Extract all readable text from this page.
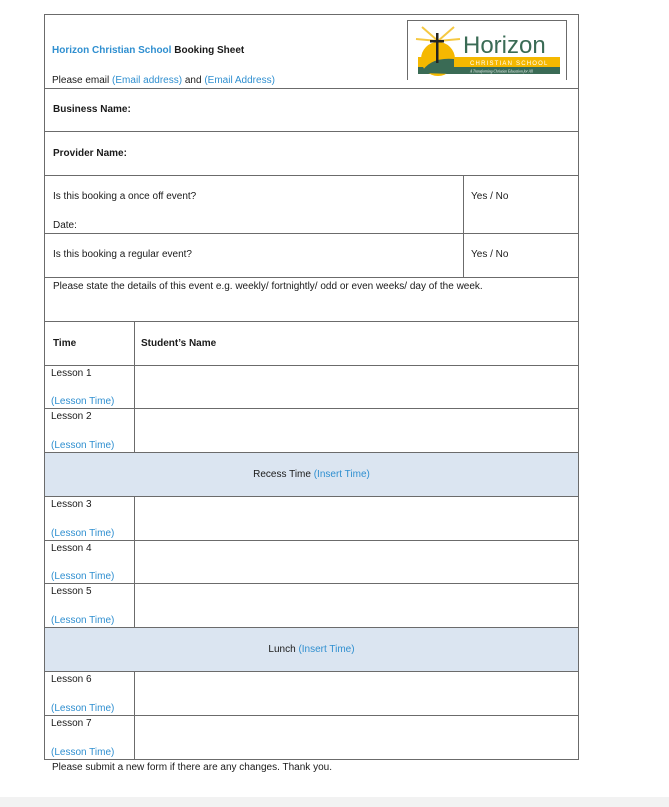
Horizon Christian School Booking Sheet
Please email (Email address) and (Email Address)
Horizon
CHRISTIAN SCHOOL
A Transforming Christian Education for All
Business Name:
Provider Name:
Is this booking a once off event?
Date:
Yes / No
Is this booking a regular event?	Yes / No
Please state the details of this event e.g. weekly/ fortnightly/ odd or even weeks/ day of the week.
Time	Student’s Name
Lesson 1
(Lesson Time)
Lesson 2
(Lesson Time)
Recess Time (Insert Time)
Lesson 3
(Lesson Time)
Lesson 4
(Lesson Time)
Lesson 5
(Lesson Time)
Lunch (Insert Time)
Lesson 6
(Lesson Time)
Lesson 7
(Lesson Time)
Please submit a new form if there are any changes. Thank you.
